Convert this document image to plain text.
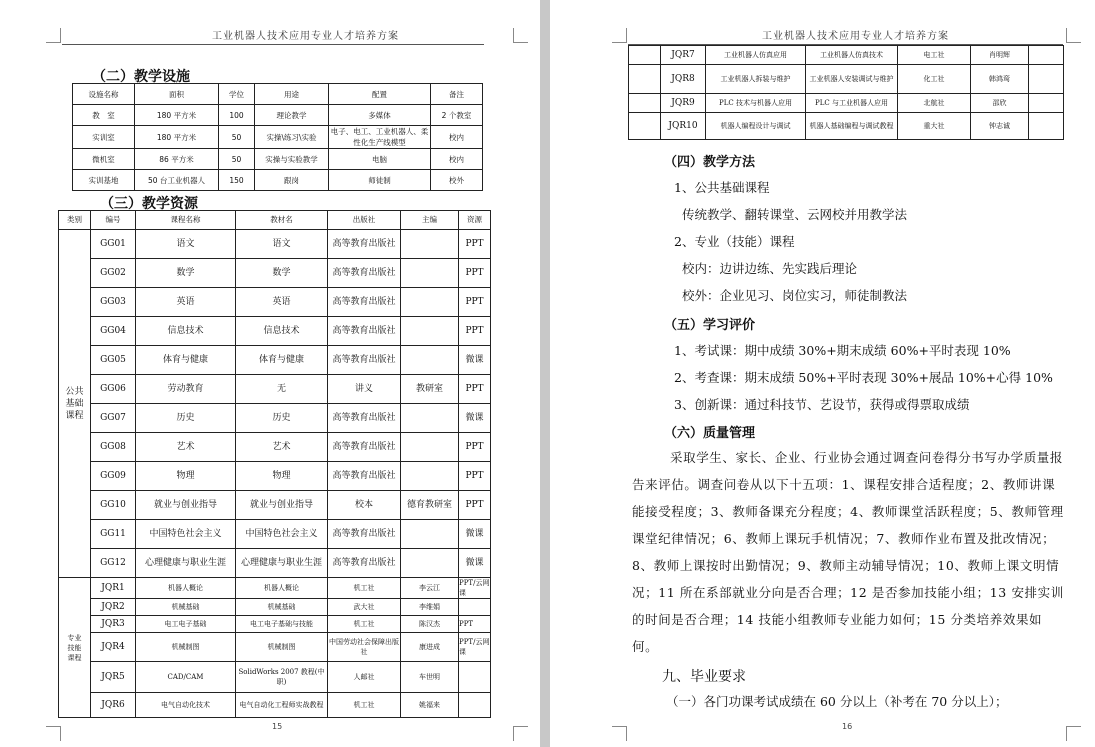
工业机器人技术应用专业人才培养方案
（二）教学设施
设施名称	面积	学位	用途	配置	备注
教　室	180 平方米	100	理论教学	多媒体	2 个教室
实训室	180 平方米	50	实操\练习\实验	电子、电工、工业机器人、柔性化生产线模型	校内
微机室	86 平方米	50	实操与实验教学	电脑	校内
实训基地	50 台工业机器人	150	跟岗	师徒制	校外
（三）教学资源
类别	编号	课程名称	教材名	出版社	主编	资源
公共基础课程	GG01	语文	语文	高等教育出版社		PPT
	GG02	数学	数学	高等教育出版社		PPT
	GG03	英语	英语	高等教育出版社		PPT
	GG04	信息技术	信息技术	高等教育出版社		PPT
	GG05	体育与健康	体育与健康	高等教育出版社		微课
	GG06	劳动教育	无	讲义	教研室	PPT
	GG07	历史	历史	高等教育出版社		微课
	GG08	艺术	艺术	高等教育出版社		PPT
	GG09	物理	物理	高等教育出版社		PPT
	GG10	就业与创业指导	就业与创业指导	校本	德育教研室	PPT
	GG11	中国特色社会主义	中国特色社会主义	高等教育出版社		微课
	GG12	心理健康与职业生涯	心理健康与职业生涯	高等教育出版社		微课
专业技能课程	JQR1	机器人概论	机器人概论	机工社	李云江	PPT/云网课
	JQR2	机械基础	机械基础	武大社	李维娟	
	JQR3	电工电子基础	电工电子基础与技能	机工社	陈汉杰	PPT
	JQR4	机械制图	机械制图	中国劳动社会保障出版社	康进成	PPT/云网课
	JQR5	CAD/CAM	SolidWorks 2007 教程(中职)	人邮社	车世明	
	JQR6	电气自动化技术	电气自动化工程师实战教程	机工社	姚福来	
15
工业机器人技术应用专业人才培养方案
	JQR7	工业机器人仿真应用	工业机器人仿真技术	电工社	肖明辉	
	JQR8	工业机器人拆装与维护	工业机器人安装调试与维护	化工社	韩鸿鸾	
	JQR9	PLC 技术与机器人应用	PLC 与工业机器人应用	北航社	邵欣	
	JQR10	机器人编程设计与调试	机器人基础编程与调试教程	重大社	钟志诚	
（四）教学方法
1、公共基础课程
传统教学、翻转课堂、云网校并用教学法
2、专业（技能）课程
校内：边讲边练、先实践后理论
校外：企业见习、岗位实习，师徒制教法
（五）学习评价
1、考试课：期中成绩 30%+期末成绩 60%+平时表现 10%
2、考查课：期末成绩 50%+平时表现 30%+展品 10%+心得 10%
3、创新课：通过科技节、艺设节，获得或得票取成绩
（六）质量管理
采取学生、家长、企业、行业协会通过调查问卷得分书写办学质量报告来评估。调查问卷从以下十五项：1、课程安排合适程度；2、教师讲课能接受程度；3、教师备课充分程度；4、教师课堂活跃程度；5、教师管理课堂纪律情况；6、教师上课玩手机情况；7、教师作业布置及批改情况；8、教师上课按时出勤情况；9、教师主动辅导情况；10、教师上课文明情况；11 所在系部就业分向是否合理；12 是否参加技能小组；13 安排实训的时间是否合理；14 技能小组教师专业能力如何；15 分类培养效果如何。
九、毕业要求
（一）各门功课考试成绩在 60 分以上（补考在 70 分以上）；
16
